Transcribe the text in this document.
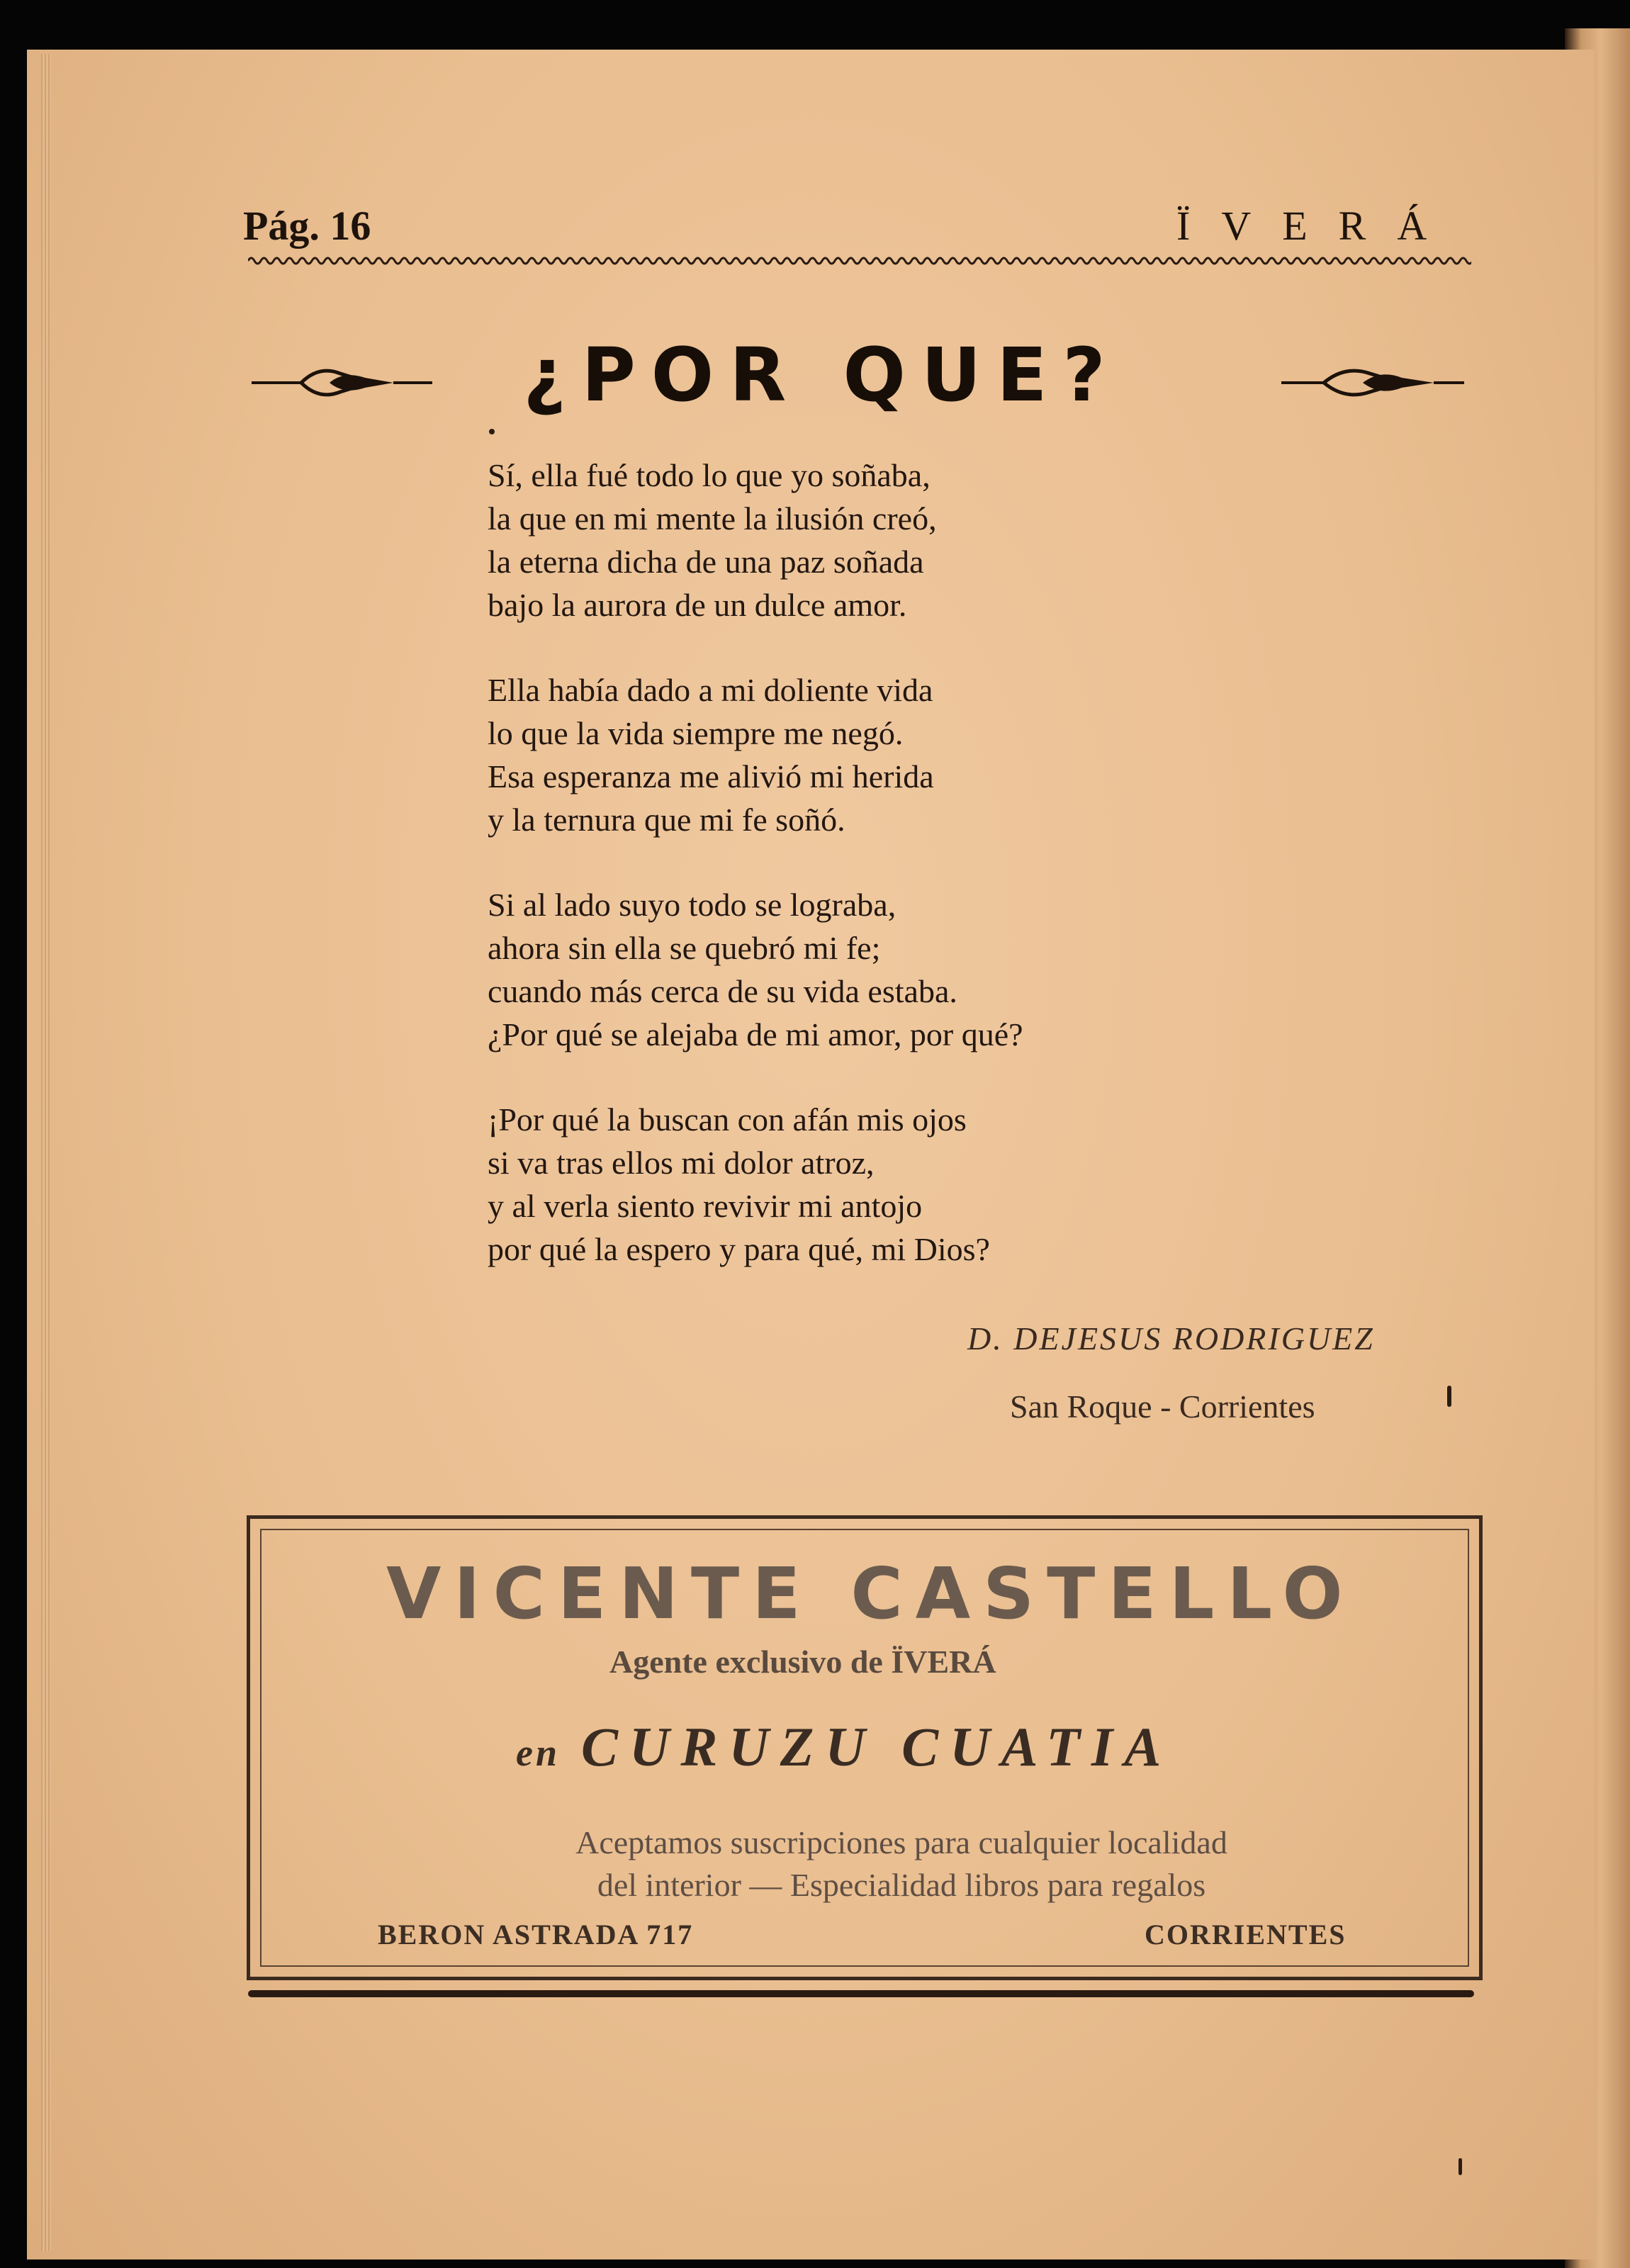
Pág. 16	ÏVERÁ
¿POR QUE?
Sí, ella fué todo lo que yo soñaba,
la que en mi mente la ilusión creó,
la eterna dicha de una paz soñada
bajo la aurora de un dulce amor.
Ella había dado a mi doliente vida
lo que la vida siempre me negó.
Esa esperanza me alivió mi herida
y la ternura que mi fe soñó.
Si al lado suyo todo se lograba,
ahora sin ella se quebró mi fe;
cuando más cerca de su vida estaba.
¿Por qué se alejaba de mi amor, por qué?
¡Por qué la buscan con afán mis ojos
si va tras ellos mi dolor atroz,
y al verla siento revivir mi antojo
por qué la espero y para qué, mi Dios?
D. DEJESUS RODRIGUEZ
San Roque - Corrientes
VICENTE CASTELLO
Agente exclusivo de ÏVERÁ
en CURUZU CUATIA
Aceptamos suscripciones para cualquier localidad
del interior — Especialidad libros para regalos
BERON ASTRADA 717	CORRIENTES
